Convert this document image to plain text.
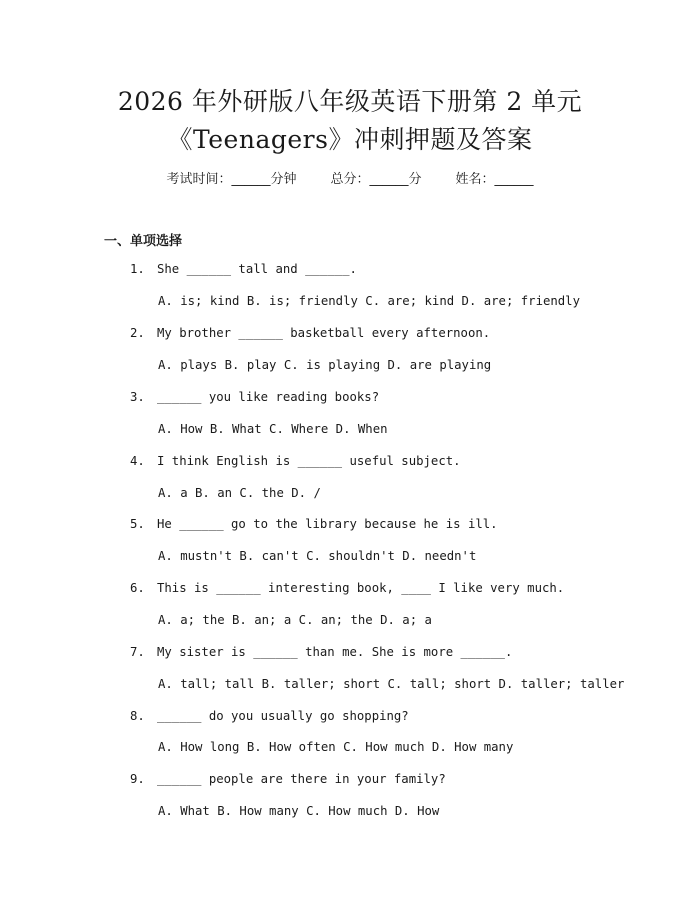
2026 年外研版八年级英语下册第 2 单元
《Teenagers》冲刺押题及答案
考试时间：______分钟	总分：______分	姓名：______
一、单项选择
1. She ______ tall and ______.
A. is; kind B. is; friendly C. are; kind D. are; friendly
2. My brother ______ basketball every afternoon.
A. plays B. play C. is playing D. are playing
3. ______ you like reading books?
A. How B. What C. Where D. When
4. I think English is ______ useful subject.
A. a B. an C. the D. /
5. He ______ go to the library because he is ill.
A. mustn't B. can't C. shouldn't D. needn't
6. This is ______ interesting book, ____ I like very much.
A. a; the B. an; a C. an; the D. a; a
7. My sister is ______ than me. She is more ______.
A. tall; tall B. taller; short C. tall; short D. taller; taller
8. ______ do you usually go shopping?
A. How long B. How often C. How much D. How many
9. ______ people are there in your family?
A. What B. How many C. How much D. How
